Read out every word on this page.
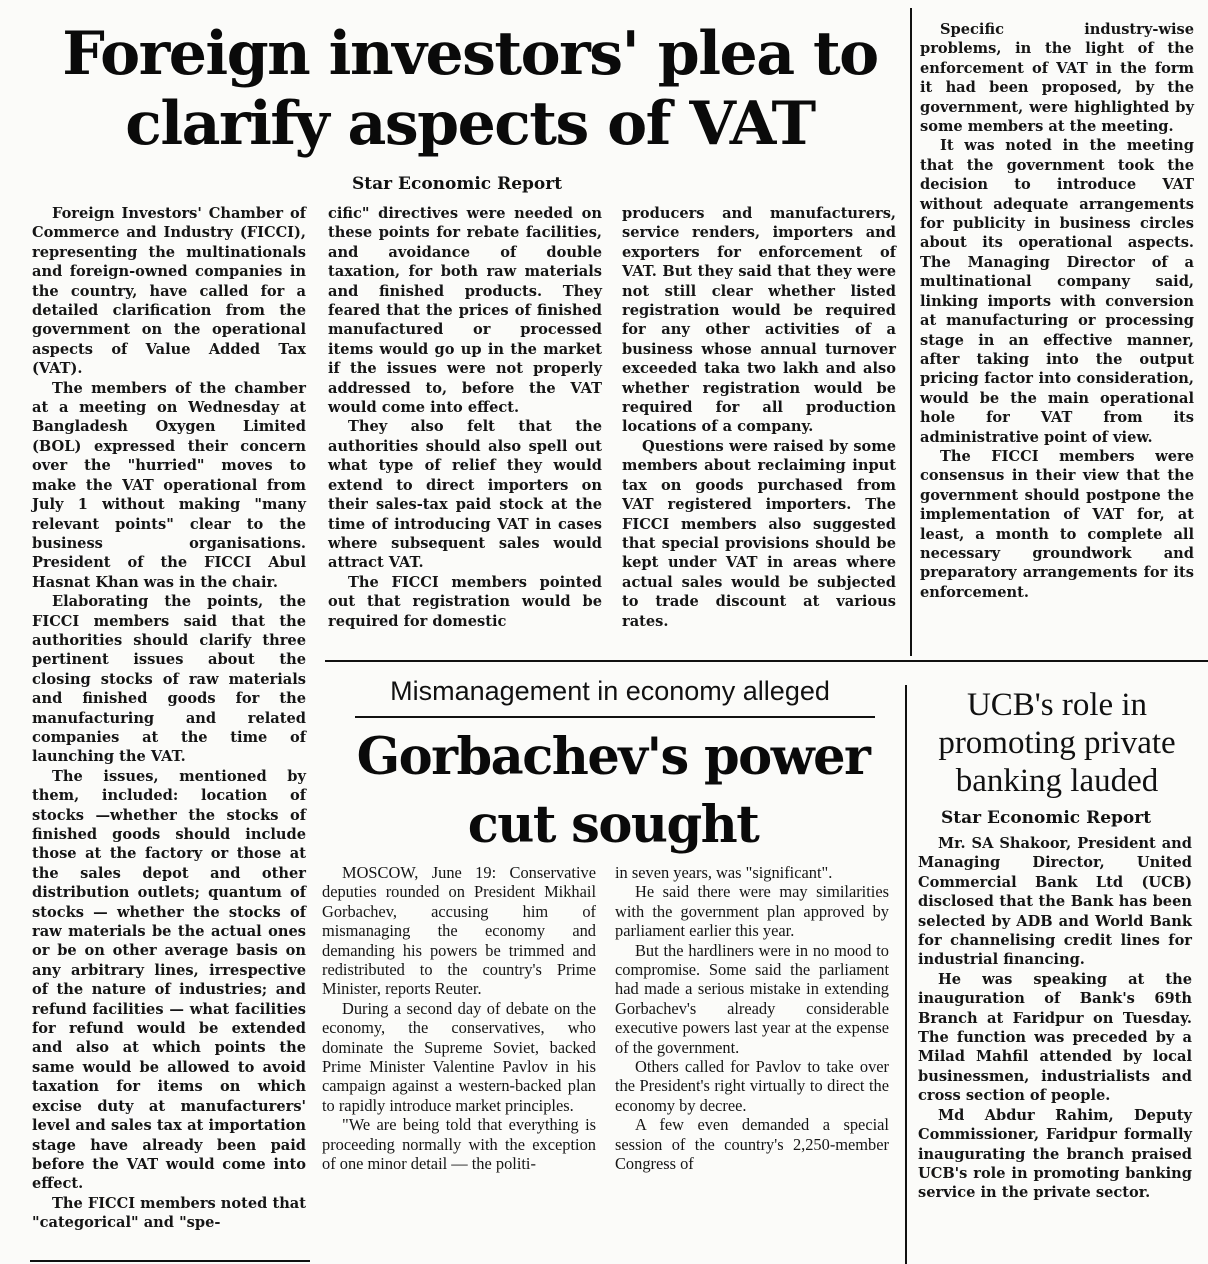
Foreign investors' plea to
clarify aspects of VAT
Star Economic Report

Foreign Investors' Chamber of Commerce and Industry (FICCI), representing the multinationals and foreign-owned companies in the country, have called for a detailed clarification from the government on the operational aspects of Value Added Tax (VAT).

The members of the chamber at a meeting on Wednesday at Bangladesh Oxygen Limited (BOL) expressed their concern over the "hurried" moves to make the VAT operational from July 1 without making "many relevant points" clear to the business organisations. President of the FICCI Abul Hasnat Khan was in the chair.

Elaborating the points, the FICCI members said that the authorities should clarify three pertinent issues about the closing stocks of raw materials and finished goods for the manufacturing and related companies at the time of launching the VAT.

The issues, mentioned by them, included: location of stocks —whether the stocks of finished goods should include those at the factory or those at the sales depot and other distribution outlets; quantum of stocks — whether the stocks of raw materials be the actual ones or be on other average basis on any arbitrary lines, irrespective of the nature of industries; and refund facilities — what facilities for refund would be extended and also at which points the same would be allowed to avoid taxation for items on which excise duty at manufacturers' level and sales tax at importation stage have already been paid before the VAT would come into effect.

The FICCI members noted that "categorical" and "spe-

cific" directives were needed on these points for rebate facilities, and avoidance of double taxation, for both raw materials and finished products. They feared that the prices of finished manufactured or processed items would go up in the market if the issues were not properly addressed to, before the VAT would come into effect.

They also felt that the authorities should also spell out what type of relief they would extend to direct importers on their sales-tax paid stock at the time of introducing VAT in cases where subsequent sales would attract VAT.

The FICCI members pointed out that registration would be required for domestic

producers and manufacturers, service renders, importers and exporters for enforcement of VAT. But they said that they were not still clear whether listed registration would be required for any other activities of a business whose annual turnover exceeded taka two lakh and also whether registration would be required for all production locations of a company.

Questions were raised by some members about reclaiming input tax on goods purchased from VAT registered importers. The FICCI members also suggested that special provisions should be kept under VAT in areas where actual sales would be subjected to trade discount at various rates.

Specific industry-wise problems, in the light of the enforcement of VAT in the form it had been proposed, by the government, were highlighted by some members at the meeting.

It was noted in the meeting that the government took the decision to introduce VAT without adequate arrangements for publicity in business circles about its operational aspects. The Managing Director of a multinational company said, linking imports with conversion at manufacturing or processing stage in an effective manner, after taking into the output pricing factor into consideration, would be the main operational hole for VAT from its administrative point of view.

The FICCI members were consensus in their view that the government should postpone the implementation of VAT for, at least, a month to complete all necessary groundwork and preparatory arrangements for its enforcement.

Mismanagement in economy alleged
Gorbachev's power
cut sought

MOSCOW, June 19: Conservative deputies rounded on President Mikhail Gorbachev, accusing him of mismanaging the economy and demanding his powers be trimmed and redistributed to the country's Prime Minister, reports Reuter.

During a second day of debate on the economy, the conservatives, who dominate the Supreme Soviet, backed Prime Minister Valentine Pavlov in his campaign against a western-backed plan to rapidly introduce market principles.

"We are being told that everything is proceeding normally with the exception of one minor detail — the politi-

in seven years, was "significant".

He said there were may similarities with the government plan approved by parliament earlier this year.

But the hardliners were in no mood to compromise. Some said the parliament had made a serious mistake in extending Gorbachev's already considerable executive powers last year at the expense of the government.

Others called for Pavlov to take over the President's right virtually to direct the economy by decree.

A few even demanded a special session of the country's 2,250-member Congress of

UCB's role in
promoting private
banking lauded
Star Economic Report

Mr. SA Shakoor, President and Managing Director, United Commercial Bank Ltd (UCB) disclosed that the Bank has been selected by ADB and World Bank for channelising credit lines for industrial financing.

He was speaking at the inauguration of Bank's 69th Branch at Faridpur on Tuesday. The function was preceded by a Milad Mahfil attended by local businessmen, industrialists and cross section of people.

Md Abdur Rahim, Deputy Commissioner, Faridpur formally inaugurating the branch praised UCB's role in promoting banking service in the private sector.
